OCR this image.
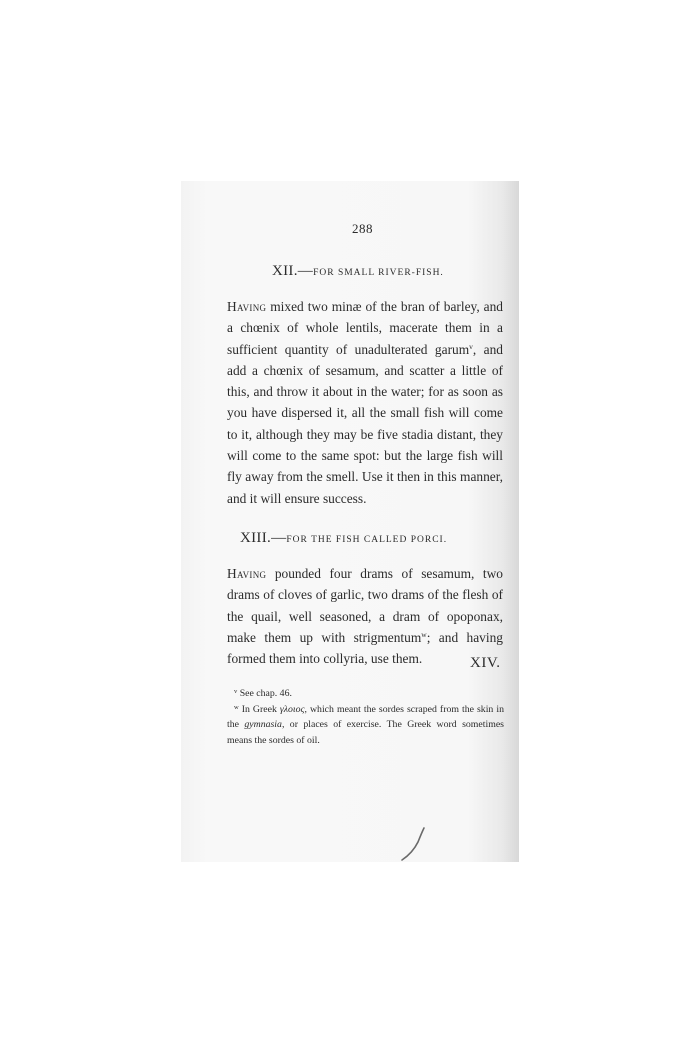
288
XII.—FOR SMALL RIVER-FISH.

Having mixed two minæ of the bran of barley, and a chœnix of whole lentils, macerate them in a sufficient quantity of unadulterated garum$^v$, and add a chœnix of sesamum, and scatter a little of this, and throw it about in the water; for as soon as you have dispersed it, all the small fish will come to it, although they may be five stadia distant, they will come to the same spot: but the large fish will fly away from the smell. Use it then in this manner, and it will ensure success.

XIII.—FOR THE FISH CALLED PORCI.

Having pounded four drams of sesamum, two drams of cloves of garlic, two drams of the flesh of the quail, well seasoned, a dram of opoponax, make them up with strigmentum$^w$; and having formed them into collyria, use them.	XIV.

$^v$ See chap. 46.

$^w$ In Greek γλοιος, which meant the sordes scraped from the skin in the gymnasia, or places of exercise. The Greek word sometimes means the sordes of oil.
